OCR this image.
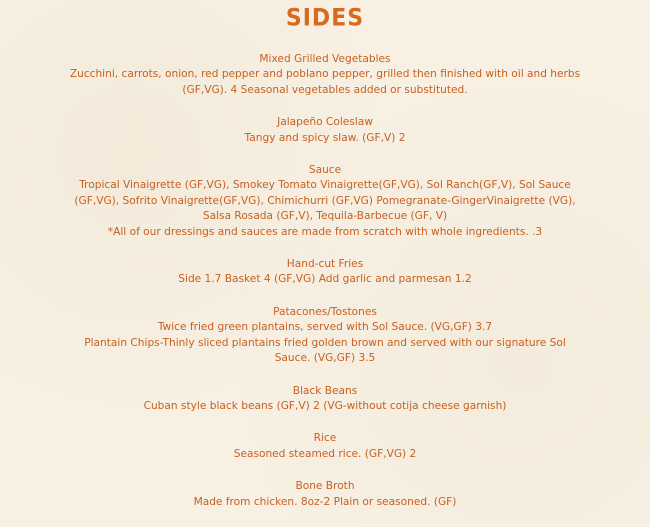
SIDES
Mixed Grilled Vegetables
Zucchini, carrots, onion, red pepper and poblano pepper, grilled then finished with oil and herbs
(GF,VG). 4 Seasonal vegetables added or substituted.
Jalapeño Coleslaw
Tangy and spicy slaw. (GF,V) 2
Sauce
Tropical Vinaigrette (GF,VG), Smokey Tomato Vinaigrette(GF,VG), Sol Ranch(GF,V), Sol Sauce
(GF,VG), Sofrito Vinaigrette(GF,VG), Chimichurri (GF,VG) Pomegranate-GingerVinaigrette (VG),
Salsa Rosada (GF,V), Tequila-Barbecue (GF, V)
*All of our dressings and sauces are made from scratch with whole ingredients. .3
Hand-cut Fries
Side 1.7 Basket 4 (GF,VG) Add garlic and parmesan 1.2
Patacones/Tostones
Twice fried green plantains, served with Sol Sauce. (VG,GF) 3.7
Plantain Chips-Thinly sliced plantains fried golden brown and served with our signature Sol
Sauce. (VG,GF) 3.5
Black Beans
Cuban style black beans (GF,V) 2 (VG-without cotija cheese garnish)
Rice
Seasoned steamed rice. (GF,VG) 2
Bone Broth
Made from chicken. 8oz-2 Plain or seasoned. (GF)
